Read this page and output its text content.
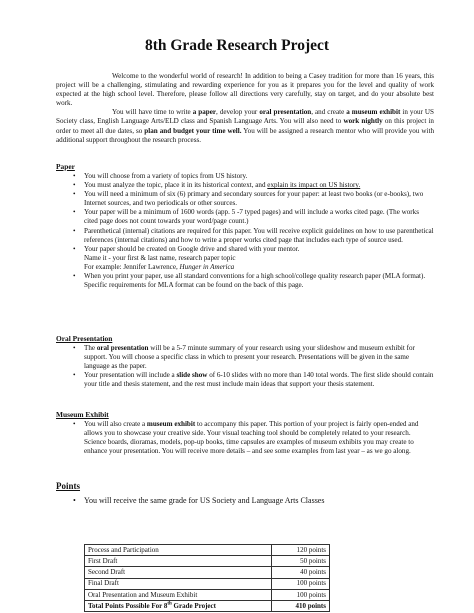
8th Grade Research Project

Welcome to the wonderful world of research! In addition to being a Casey tradition for more than 16 years, this project will be a challenging, stimulating and rewarding experience for you as it prepares you for the level and quality of work expected at the high school level. Therefore, please follow all directions very carefully, stay on target, and do your absolute best work.

You will have time to write a paper, develop your oral presentation, and create a museum exhibit in your US Society class, English Language Arts/ELD class and Spanish Language Arts. You will also need to work nightly on this project in order to meet all due dates, so plan and budget your time well. You will be assigned a research mentor who will provide you with additional support throughout the research process.

Paper
• You will choose from a variety of topics from US history.
• You must analyze the topic, place it in its historical context, and explain its impact on US history.
• You will need a minimum of six (6) primary and secondary sources for your paper: at least two books (or e-books), two Internet sources, and two periodicals or other sources.
• Your paper will be a minimum of 1600 words (app. 5 -7 typed pages) and will include a works cited page. (The works cited page does not count towards your word/page count.)
• Parenthetical (internal) citations are required for this paper. You will receive explicit guidelines on how to use parenthetical references (internal citations) and how to write a proper works cited page that includes each type of source used.
• Your paper should be created on Google drive and shared with your mentor.
Name it - your first & last name, research paper topic
For example: Jennifer Lawrence, Hunger in America
• When you print your paper, use all standard conventions for a high school/college quality research paper (MLA format). Specific requirements for MLA format can be found on the back of this page.
Oral Presentation
• The oral presentation will be a 5-7 minute summary of your research using your slideshow and museum exhibit for support. You will choose a specific class in which to present your research. Presentations will be given in the same language as the paper.
• Your presentation will include a slide show of 6-10 slides with no more than 140 total words. The first slide should contain your title and thesis statement, and the rest must include main ideas that support your thesis statement.
Museum Exhibit
• You will also create a museum exhibit to accompany this paper. This portion of your project is fairly open-ended and allows you to showcase your creative side. Your visual teaching tool should be completely related to your research. Science boards, dioramas, models, pop-up books, time capsules are examples of museum exhibits you may create to enhance your presentation. You will receive more details – and see some examples from last year – as we go along.
Points
• You will receive the same grade for US Society and Language Arts Classes
Process and Participation	120 points
First Draft	50 points
Second Draft	40 points
Final Draft	100 points
Oral Presentation and Museum Exhibit	100 points
Total Points Possible For 8th Grade Project	410 points
